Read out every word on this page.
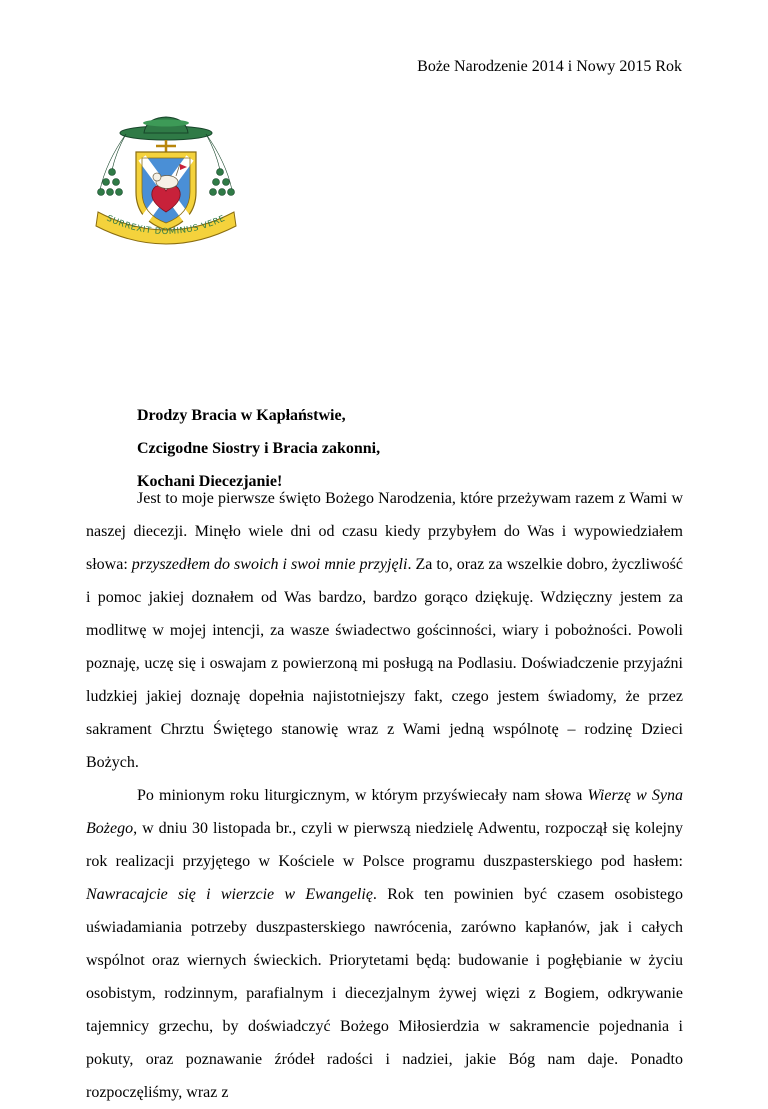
Boże Narodzenie 2014 i Nowy 2015 Rok
SURREXIT DOMINUS VERE
Drodzy Bracia w Kapłaństwie,
Czcigodne Siostry i Bracia zakonni,
Kochani Diecezjanie!

Jest to moje pierwsze święto Bożego Narodzenia, które przeżywam razem z Wami w naszej diecezji. Minęło wiele dni od czasu kiedy przybyłem do Was i wypowiedziałem słowa: przyszedłem do swoich i swoi mnie przyjęli. Za to, oraz za wszelkie dobro, życzliwość i pomoc jakiej doznałem od Was bardzo, bardzo gorąco dziękuję. Wdzięczny jestem za modlitwę w mojej intencji, za wasze świadectwo gościnności, wiary i pobożności. Powoli poznaję, uczę się i oswajam z powierzoną mi posługą na Podlasiu. Doświadczenie przyjaźni ludzkiej jakiej doznaję dopełnia najistotniejszy fakt, czego jestem świadomy, że przez sakrament Chrztu Świętego stanowię wraz z Wami jedną wspólnotę – rodzinę Dzieci Bożych.

Po minionym roku liturgicznym, w którym przyświecały nam słowa Wierzę w Syna Bożego, w dniu 30 listopada br., czyli w pierwszą niedzielę Adwentu, rozpoczął się kolejny rok realizacji przyjętego w Kościele w Polsce programu duszpasterskiego pod hasłem: Nawracajcie się i wierzcie w Ewangelię. Rok ten powinien być czasem osobistego uświadamiania potrzeby duszpasterskiego nawrócenia, zarówno kapłanów, jak i całych wspólnot oraz wiernych świeckich. Priorytetami będą: budowanie i pogłębianie w życiu osobistym, rodzinnym, parafialnym i diecezjalnym żywej więzi z Bogiem, odkrywanie tajemnicy grzechu, by doświadczyć Bożego Miłosierdzia w sakramencie pojednania i pokuty, oraz poznawanie źródeł radości i nadziei, jakie Bóg nam daje. Ponadto rozpoczęliśmy, wraz z
